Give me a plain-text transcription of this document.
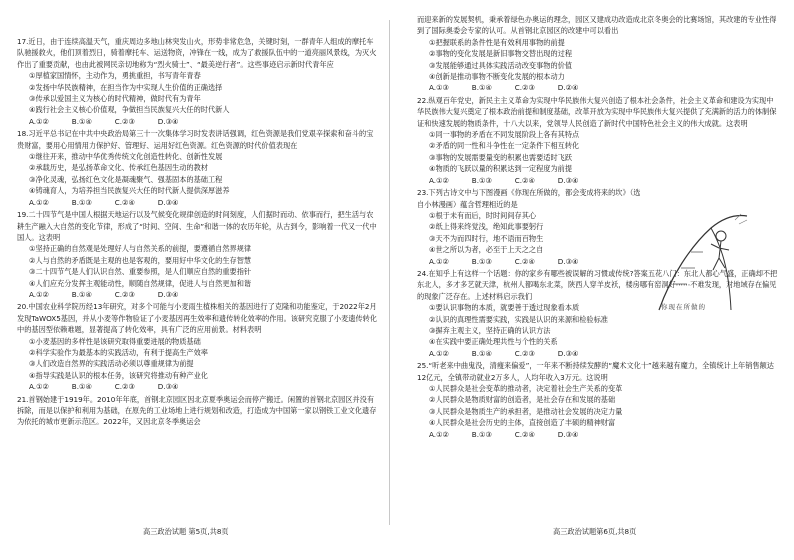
17.近日，由于连续高温天气，重庆周边多地山林突发山火，形势非常危急，关键时刻，一群青年人组成的摩托车队驰援救火，他们顶着烈日，骑着摩托车、运送物资，冲锋在一线，成为了救援队伍中的一道亮丽风景线，为灭火作出了重要贡献，也由此被网民亲切地称为“烈火骑士”、“最美逆行者”。这些事迹启示新时代青年应

①厚植家国情怀，主动作为，勇挑重担，书写青年青春

②发扬中华民族精神，在担当作为中实现人生价值的正确选择

③传承以爱国主义为核心的时代精神，做时代有为青年

④践行社会主义核心价值观，争做担当民族复兴大任的时代新人

A.①②          B.①④          C.②③          D.③④

18.习近平总书记在中共中央政治局第三十一次集体学习时发表讲话强调，红色资源是我们党艰辛探索和奋斗的宝贵财富，要用心用情用力保护好、管理好、运用好红色资源。红色资源的时代价值表现在

①继往开来，推动中华优秀传统文化创造性转化、创新性发展

②承载历史，是弘扬革命文化、传承红色基因生动的教材

③净化灵魂，弘扬红色文化是凝魂聚气、强基固本的基础工程

④铸魂育人，为培养担当民族复兴大任的时代新人提供深厚滋养

A.①②          B.①③          C.②④          D.③④

19.二十四节气是中国人根据天地运行以及气候变化规律创造的时间刻度，人们据时而动、依事而行，把生活与农耕生产融入大自然的变化节律，形成了“时间、空间、生命”和谐一体的农历年轮，从古到今，影响着一代又一代中国人。这表明

①坚持正确的自然观是处理好人与自然关系的前提，要遵循自然界规律

②人与自然的矛盾既是主观的也是客观的，要用好中华文化的生存智慧

③二十四节气是人们认识自然、重要参照，是人们顺应自然的重要指针

④人们应充分发挥主观能动性，顺随自然规律，促进人与自然更加和谐

A.①②          B.①④          C.②③          D.③④

20.中国农业科学院历经13年研究，对多个可能与小麦雨生植株相关的基因进行了克隆和功能鉴定，于2022年2月发现TaWOX5基因，并从小麦等作物验证了小麦基因再生效率和遗传转化效率的作用。该研究克服了小麦遗传转化中的基因型依赖难题，显著提高了转化效率，具有广泛的应用前景。材料表明

①小麦基因的多样性是该研究取得重要进展的物质基础

②科学实验作为最基本的实践活动，有利于提高生产效率

③人们改造自然界的实践活动必须以尊重规律为前提

④指导实践是认识的根本任务，该研究将推动有种产业化

A.①②          B.①④          C.②③          D.③④

21.首钢始建于1919年。2010年年底，首钢北京园区因北京夏季奥运会而停产搬迁。闲置的首钢北京园区并没有拆除，而是以保护和利用为基础，在原先的工业场地上进行规划和改造，打造成为中国第一家以钢铁工业文化遗存为依托的城市更新示范区。2022年，又因北京冬季奥运会

而迎来新的发展契机，秉承着绿色办奥运的理念，园区又建成功改造成北京冬奥会的比赛场馆，其改建的专业性得到了国际奥委会专家的认可。从首钢北京园区的改建中可以看出

①把握联系的条件性是有效利用事物的前提

②事物的变化发展是新旧事物交替出现的过程

③发展能够通过具体实践活动改变事物的价值

④创新是推动事物不断变化发展的根本动力

A.①③          B.①④          C.②③          D.②④

22.纵观百年党史，新民主主义革命为实现中华民族伟大复兴创造了根本社会条件，社会主义革命和建设为实现中华民族伟大复兴奠定了根本政治前提和制度基础，改革开放为实现中华民族伟大复兴提供了充满新的活力的体制保证和快速发展的物质条件，十八大以来，党领导人民创造了新时代中国特色社会主义的伟大成就。这表明

①同一事物的矛盾在不同发展阶段上各有其特点

②矛盾的同一性和斗争性在一定条件下相互转化

③事物的发展需要量变的积累也需要适时飞跃

④物质的飞跃以量的积累达到一定程度为前提

A.①②          B.①③          C.②④          D.③④

23.下列古诗文中与下图漫画《你现在所做的，都会变成将来的坎》（选自小林漫画）蕴含哲理相近的是

①根于未有而后，时时间间存其心

②纸上得来终觉浅，绝知此事要躬行

③天不为而四时行，地不语而百物生

④世之所以为者，必至于上天之之自

A.①②          B.①③          C.②④          D.③④

24.在知乎上有这样一个话题：你的家乡有哪些被误解的习惯或传统?答案五花八门：东北人都心气盛，正确却不把东北人，多才多艺就天津，杭州人都喝东北菜，陕西人穿羊皮袄，楼房哪有窑洞好⋯⋯不难发现，对地域存在偏见的现象广泛存在。上述材料启示我们

①要认识事物的本质，就要善于透过现象看本质

②认识的真理性需要实践，实践是认识的来源和检验标准

③摒弃主观主义，坚持正确的认识方法

④在实践中要正确处理共性与个性的关系

A.①②          B.①④          C.②③          D.③④

25.“听老来中曲鬼没，清瘦来偏爱”，一年来不断持续发酵的“魔术文化十”越来越有魔力，全镇统计上年销售额达12亿元，全镇带动就业2万多人，人均年收入3万元。这说明

①人民群众是社会变革的推动者，决定着社会生产关系的变革

②人民群众是物质财富的创造者，是社会存在和发展的基础

③人民群众是物质生产的承担者，是推动社会发展的决定力量

④人民群众是社会历史的主体，直接创造了丰硕的精神财富

A.①②          B.①③          C.②④          D.③④

你现在所做的
高三政治试题 第5页,共8页	高三政治试题第6页,共8页
